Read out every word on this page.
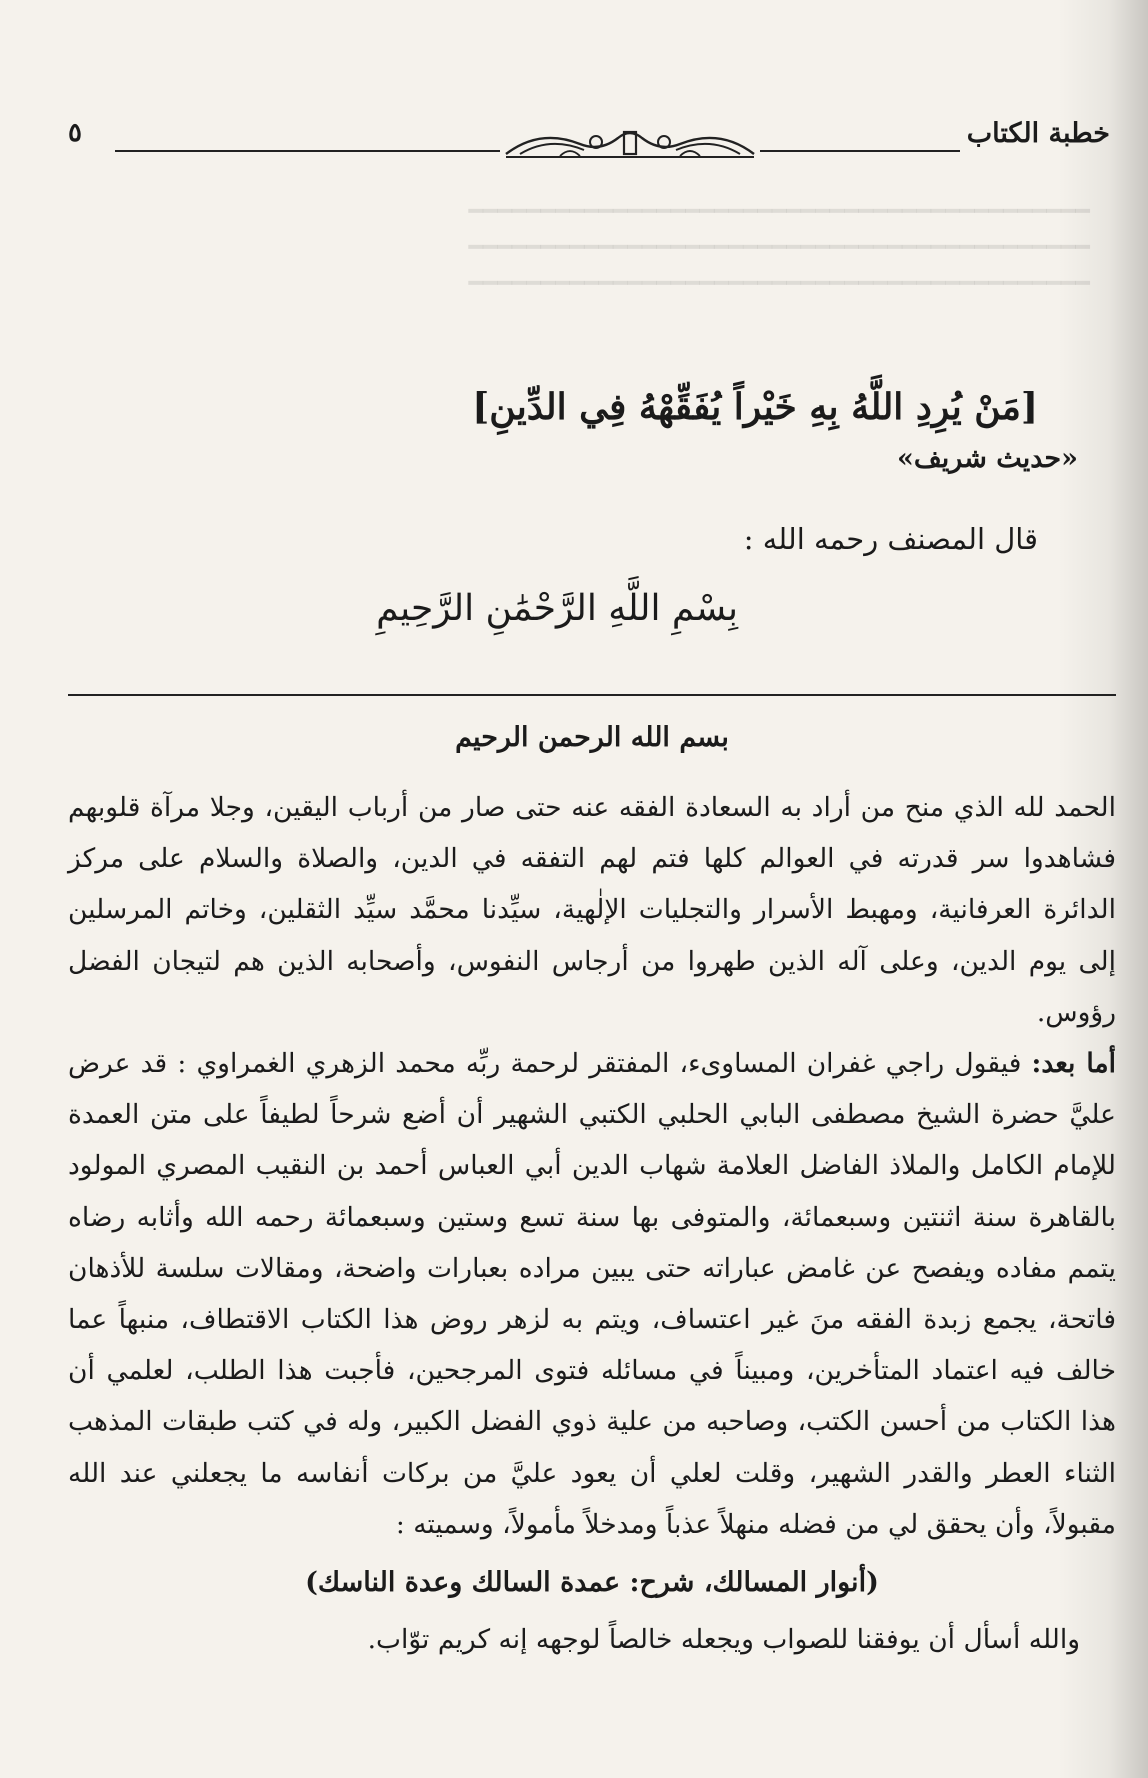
━━━━━━━━━━━━━━━━━━━━━━━━━━━━━━━━━━━━━━━━━━━
━━━━━━━━━━━━━━━━━━━━━━━━━━━━━━━━━━━━━━━━━━━
━━━━━━━━━━━━━━━━━━━━━━━━━━━━━━━━━━━━━━━━━━━
خطبة الكتاب
٥
[مَنْ يُرِدِ اللَّهُ بِهِ خَيْراً يُفَقِّهْهُ فِي الدِّينِ]
«حديث شريف»
قال المصنف رحمه الله :
بِسْمِ اللَّهِ الرَّحْمَٰنِ الرَّحِيمِ
بسم الله الرحمن الرحيم

الحمد لله الذي منح من أراد به السعادة الفقه عنه حتى صار من أرباب اليقين، وجلا مرآة قلوبهم فشاهدوا سر قدرته في العوالم كلها فتم لهم التفقه في الدين، والصلاة والسلام على مركز الدائرة العرفانية، ومهبط الأسرار والتجليات الإلٰهية، سيِّدنا محمَّد سيِّد الثقلين، وخاتم المرسلين إلى يوم الدين، وعلى آله الذين طهروا من أرجاس النفوس، وأصحابه الذين هم لتيجان الفضل رؤوس.

أما بعد: فيقول راجي غفران المساوىء، المفتقر لرحمة ربِّه محمد الزهري الغمراوي : قد عرض عليَّ حضرة الشيخ مصطفى البابي الحلبي الكتبي الشهير أن أضع شرحاً لطيفاً على متن العمدة للإمام الكامل والملاذ الفاضل العلامة شهاب الدين أبي العباس أحمد بن النقيب المصري المولود بالقاهرة سنة اثنتين وسبعمائة، والمتوفى بها سنة تسع وستين وسبعمائة رحمه الله وأثابه رضاه يتمم مفاده ويفصح عن غامض عباراته حتى يبين مراده بعبارات واضحة، ومقالات سلسة للأذهان فاتحة، يجمع زبدة الفقه منَ غير اعتساف، ويتم به لزهر روض هذا الكتاب الاقتطاف، منبهاً عما خالف فيه اعتماد المتأخرين، ومبيناً في مسائله فتوى المرجحين، فأجبت هذا الطلب، لعلمي أن هذا الكتاب من أحسن الكتب، وصاحبه من علية ذوي الفضل الكبير، وله في كتب طبقات المذهب الثناء العطر والقدر الشهير، وقلت لعلي أن يعود عليَّ من بركات أنفاسه ما يجعلني عند الله مقبولاً، وأن يحقق لي من فضله منهلاً عذباً ومدخلاً مأمولاً، وسميته :

(أنوار المسالك، شرح: عمدة السالك وعدة الناسك)

والله أسأل أن يوفقنا للصواب ويجعله خالصاً لوجهه إنه كريم توّاب.
